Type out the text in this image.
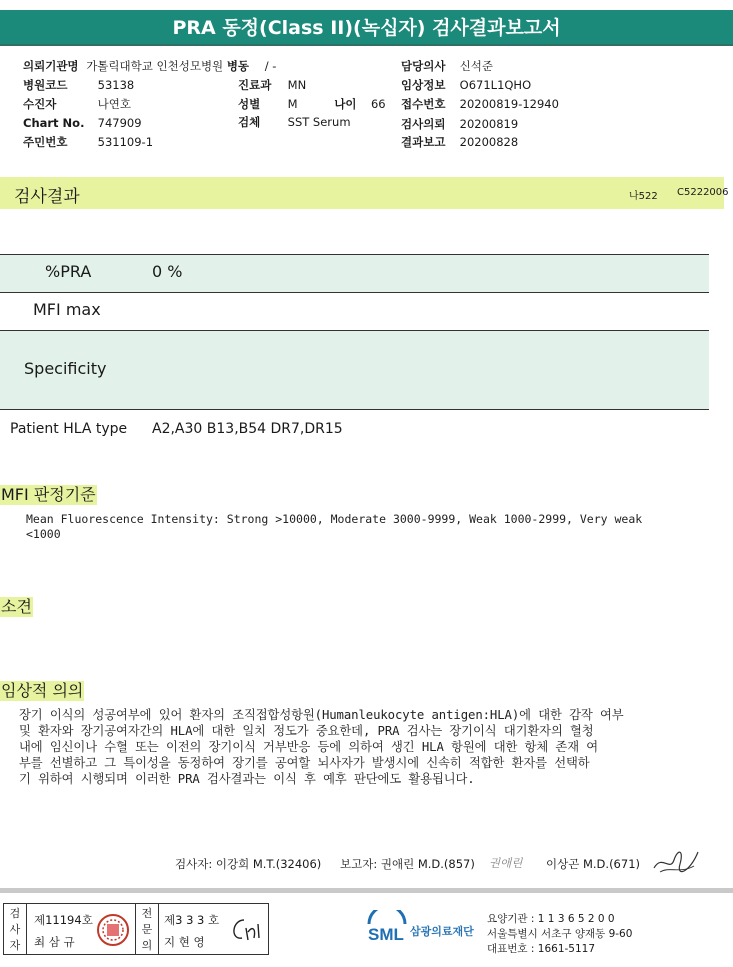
PRA 동정(Class II)(녹십자) 검사결과보고서
의뢰기관명 가톨릭대학교 인천성모병원 병동 / -	담당의사 신석준
병원코드	53138	진료과 MN	임상정보 O671L1QHO
수진자	나연호	성별 M	나이 66 접수번호 20200819-12940
Chart No. 747909	검체 SST Serum	검사의뢰 20200819
주민번호	531109-1	결과보고 20200828
검사결과	나522 C5222006
%PRA	0 %
MFI max
Specificity
Patient HLA type A2,A30 B13,B54 DR7,DR15
MFI 판정기준
Mean Fluorescence Intensity: Strong >10000, Moderate 3000-9999, Weak 1000-2999, Very weak
<1000
소견
임상적 의의
장기 이식의 성공여부에 있어 환자의 조직접합성항원(Humanleukocyte antigen:HLA)에 대한 감작 여부
및 환자와 장기공여자간의 HLA에 대한 일치 정도가 중요한데, PRA 검사는 장기이식 대기환자의 혈청
내에 임신이나 수혈 또는 이전의 장기이식 거부반응 등에 의하여 생긴 HLA 항원에 대한 항체 존재 여
부를 선별하고 그 특이성을 동정하여 장기를 공여할 뇌사자가 발생시에 신속히 적합한 환자를 선택하
기 위하여 시행되며 이러한 PRA 검사결과는 이식 후 예후 판단에도 활용됩니다.
검사자: 이강희 M.T.(32406) 보고자: 권애린 M.D.(857) 권애린 이상곤 M.D.(671)
검
사
자
제11194호
최 삼 규
전
문
의
제3 3 3 호
지 현 영	SML 삼광의료재단
요양기관 : 1 1 3 6 5 2 0 0
서울특별시 서초구 양재동 9-60
대표번호 : 1661-5117
